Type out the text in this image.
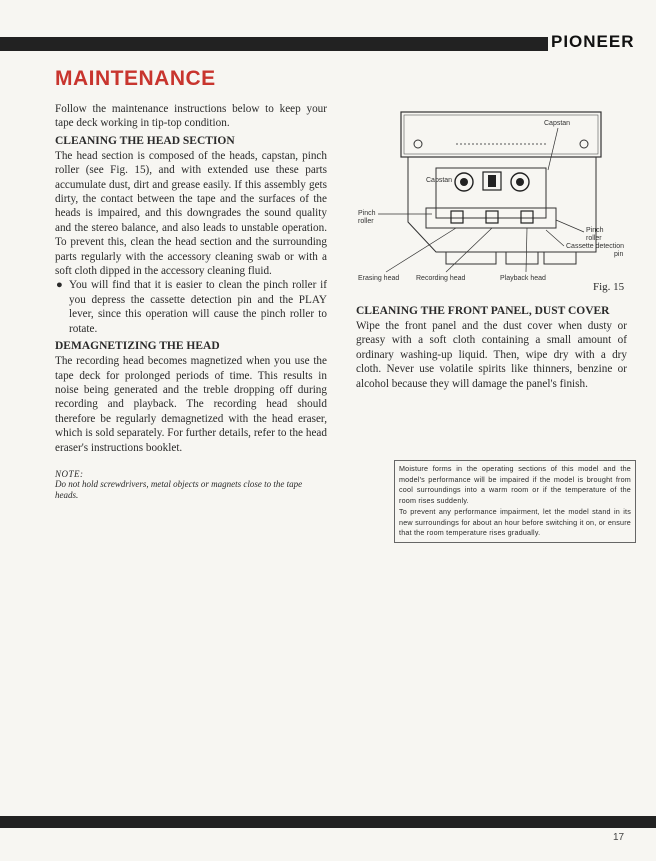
PIONEER
MAINTENANCE

Follow the maintenance instructions below to keep your tape deck working in tip-top condition.

CLEANING THE HEAD SECTION

The head section is composed of the heads, capstan, pinch roller (see Fig. 15), and with extended use these parts accumulate dust, dirt and grease easily. If this assembly gets dirty, the contact between the tape and the surfaces of the heads is impaired, and this downgrades the sound quality and the stereo balance, and also leads to unstable operation. To prevent this, clean the head section and the surrounding parts regularly with the accessory cleaning swab or with a soft cloth dipped in the accessory cleaning fluid.

● You will find that it is easier to clean the pinch roller if you depress the cassette detection pin and the PLAY lever, since this operation will cause the pinch roller to rotate.
DEMAGNETIZING THE HEAD

The recording head becomes magnetized when you use the tape deck for prolonged periods of time. This results in noise being generated and the treble dropping off during recording and playback. The recording head should therefore be regularly demagnetized with the head eraser, which is sold separately. For further details, refer to the head eraser's instructions booklet.

NOTE:
Do not hold screwdrivers, metal objects or magnets close to the tape heads.
Capstan
Capstan
Pinch roller
Pinch roller
Cassette detection pin
Erasing head Recording head	Playback head
Fig. 15
CLEANING THE FRONT PANEL, DUST COVER

Wipe the front panel and the dust cover when dusty or greasy with a soft cloth containing a small amount of ordinary washing-up liquid. Then, wipe dry with a dry cloth. Never use volatile spirits like thinners, benzine or alcohol because they will damage the panel's finish.

Moisture forms in the operating sections of this model and the model's performance will be impaired if the model is brought from cool surroundings into a warm room or if the temperature of the room rises suddenly.
To prevent any performance impairment, let the model stand in its new surroundings for about an hour before switching it on, or ensure that the room temperature rises gradually.
17
